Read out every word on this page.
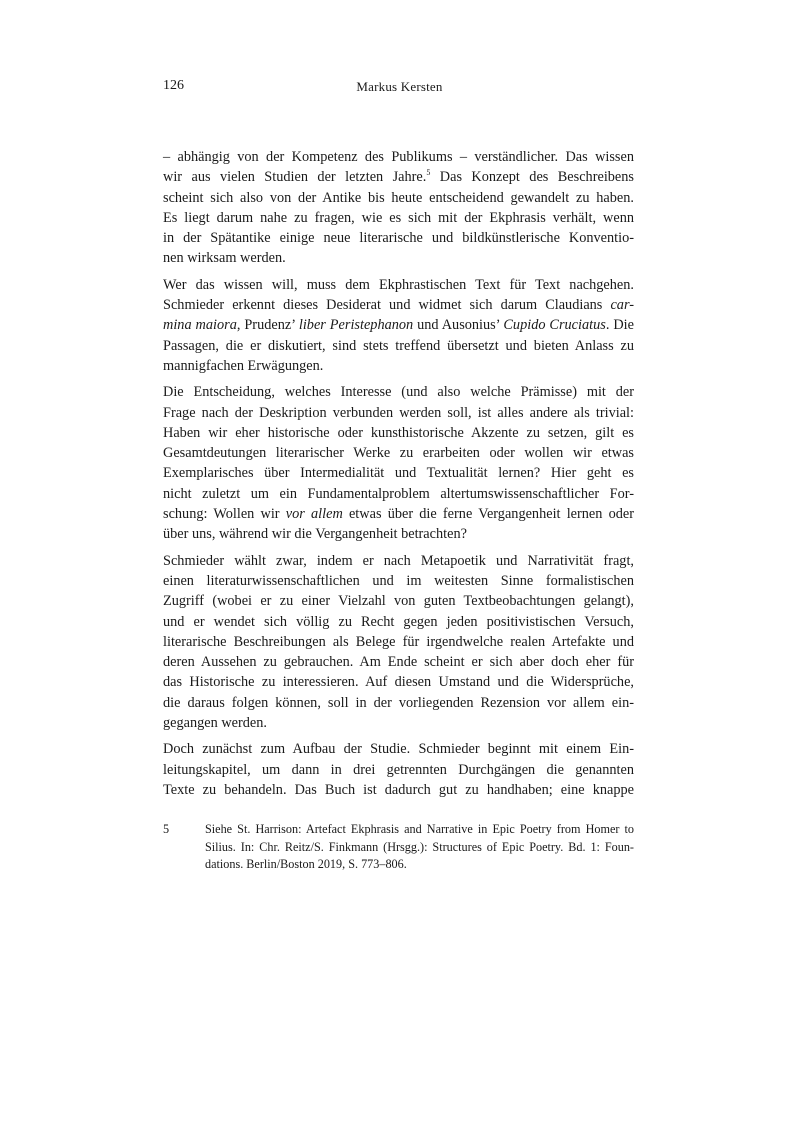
126	Markus Kersten
– abhängig von der Kompetenz des Publikums – verständlicher. Das wissen
wir aus vielen Studien der letzten Jahre.$^5$ Das Konzept des Beschreibens
scheint sich also von der Antike bis heute entscheidend gewandelt zu haben.
Es liegt darum nahe zu fragen, wie es sich mit der Ekphrasis verhält, wenn
in der Spätantike einige neue literarische und bildkünstlerische Konventio-
nen wirksam werden.
Wer das wissen will, muss dem Ekphrastischen Text für Text nachgehen.
Schmieder erkennt dieses Desiderat und widmet sich darum Claudians car-
mina maiora, Prudenz’ liber Peristephanon und Ausonius’ Cupido Cruciatus. Die
Passagen, die er diskutiert, sind stets treffend übersetzt und bieten Anlass zu
mannigfachen Erwägungen.
Die Entscheidung, welches Interesse (und also welche Prämisse) mit der
Frage nach der Deskription verbunden werden soll, ist alles andere als trivial:
Haben wir eher historische oder kunsthistorische Akzente zu setzen, gilt es
Gesamtdeutungen literarischer Werke zu erarbeiten oder wollen wir etwas
Exemplarisches über Intermedialität und Textualität lernen? Hier geht es
nicht zuletzt um ein Fundamentalproblem altertumswissenschaftlicher For-
schung: Wollen wir vor allem etwas über die ferne Vergangenheit lernen oder
über uns, während wir die Vergangenheit betrachten?
Schmieder wählt zwar, indem er nach Metapoetik und Narrativität fragt,
einen literaturwissenschaftlichen und im weitesten Sinne formalistischen
Zugriff (wobei er zu einer Vielzahl von guten Textbeobachtungen gelangt),
und er wendet sich völlig zu Recht gegen jeden positivistischen Versuch,
literarische Beschreibungen als Belege für irgendwelche realen Artefakte und
deren Aussehen zu gebrauchen. Am Ende scheint er sich aber doch eher für
das Historische zu interessieren. Auf diesen Umstand und die Widersprüche,
die daraus folgen können, soll in der vorliegenden Rezension vor allem ein-
gegangen werden.
Doch zunächst zum Aufbau der Studie. Schmieder beginnt mit einem Ein-
leitungskapitel, um dann in drei getrennten Durchgängen die genannten
Texte zu behandeln. Das Buch ist dadurch gut zu handhaben; eine knappe
5	Siehe St. Harrison: Artefact Ekphrasis and Narrative in Epic Poetry from Homer to
Silius. In: Chr. Reitz/S. Finkmann (Hrsgg.): Structures of Epic Poetry. Bd. 1: Foun-
dations. Berlin/Boston 2019, S. 773–806.
